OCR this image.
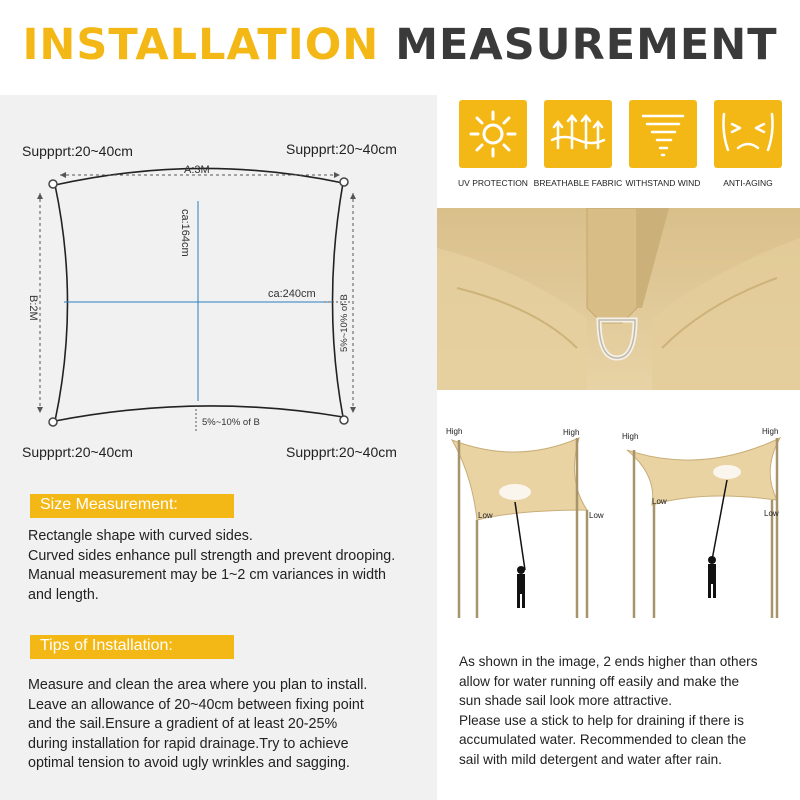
INSTALLATION MEASUREMENT
A:3M
B:2M
ca:164cm
ca:240cm
5%~10% of B
5%~10% of B
Suppprt:20~40cm	Suppprt:20~40cm
Suppprt:20~40cm	Suppprt:20~40cm
Size Measurement:
Rectangle shape with curved sides.
Curved sides enhance pull strength and prevent drooping.
Manual measurement may be 1~2 cm variances in width
and length.
Tips of Installation:
Measure and clean the area where you plan to install.
Leave an allowance of 20~40cm between fixing point
and the sail.Ensure a gradient of at least 20-25%
during installation for rapid drainage.Try to achieve
optimal tension to avoid ugly wrinkles and sagging.
UV PROTECTION BREATHABLE FABRIC WITHSTAND WIND	ANTI-AGING
High	High
Low	Low
High
High
Low
Low
As shown in the image, 2 ends higher than others
allow for water running off easily and make the
sun shade sail look more attractive.
Please use a stick to help for draining if there is
accumulated water. Recommended to clean the
sail with mild detergent and water after rain.
